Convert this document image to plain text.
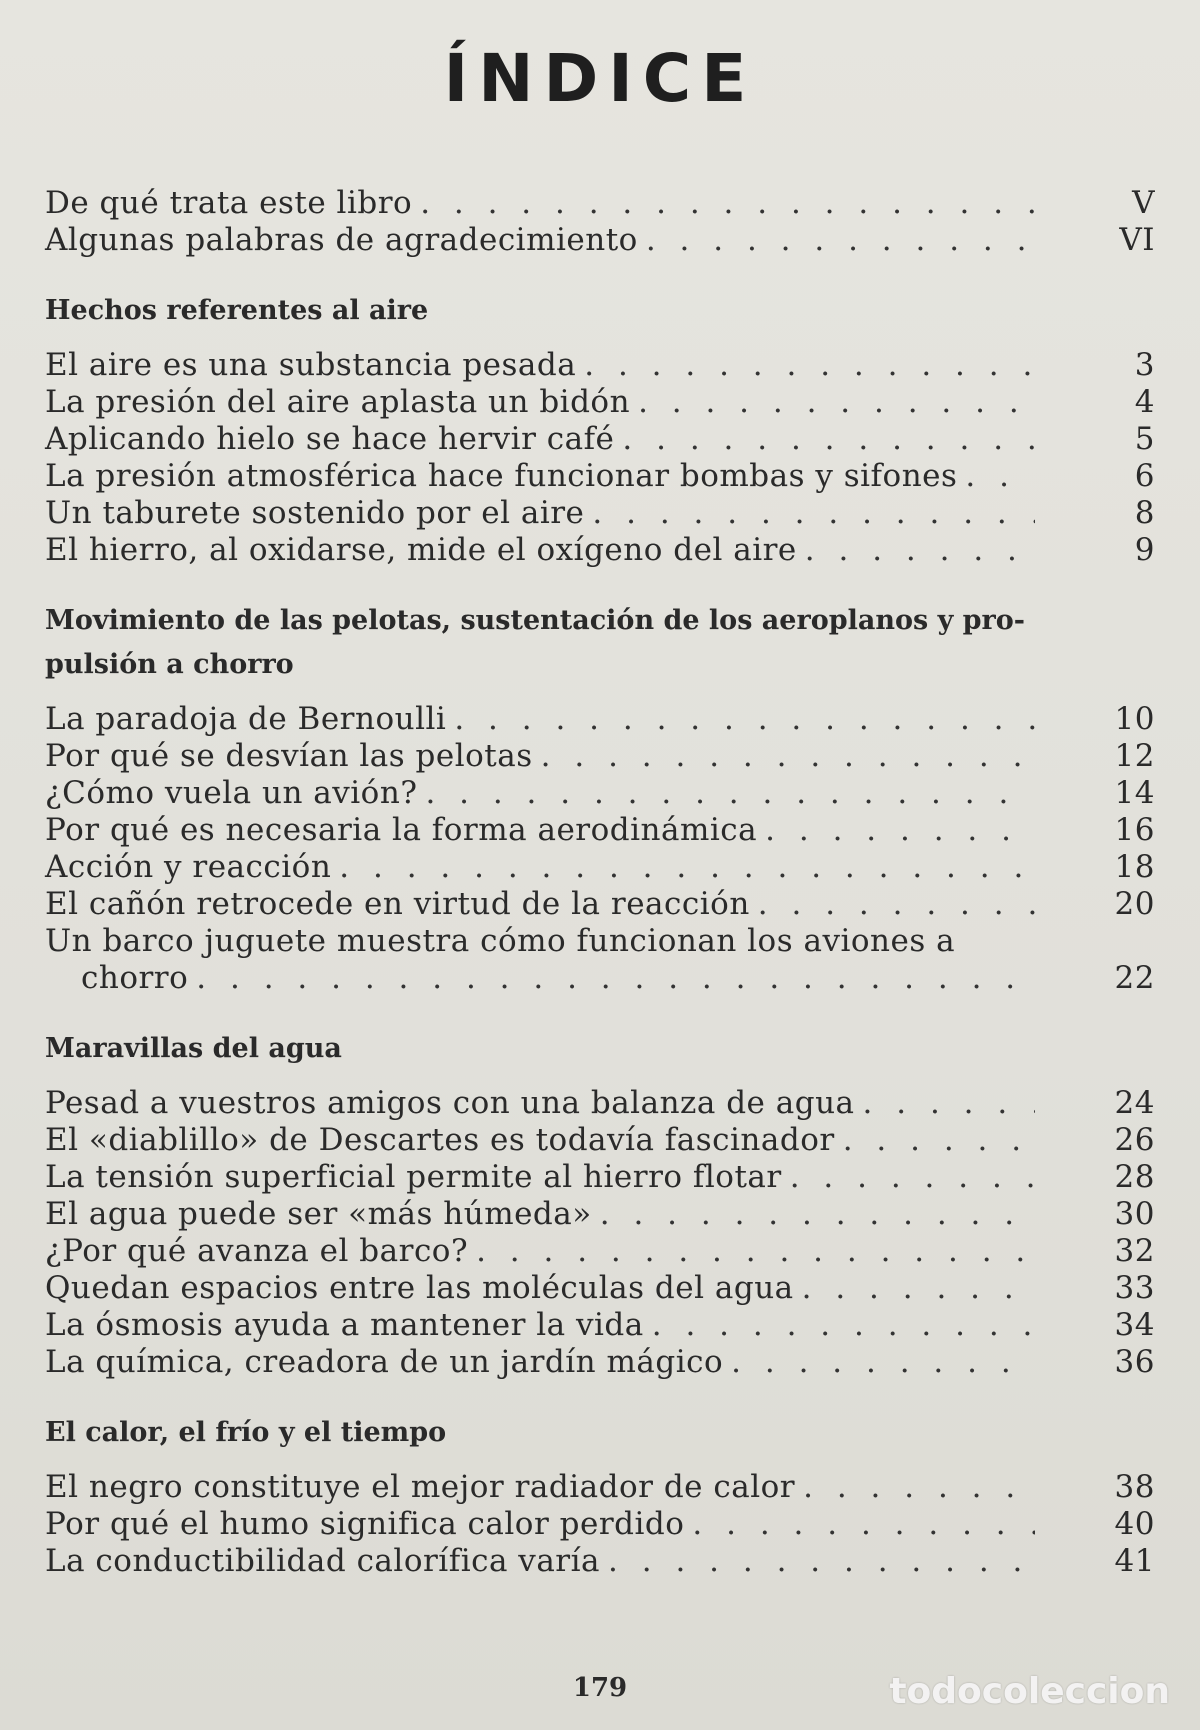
ÍNDICE
De qué trata este libro . . .	V
Algunas palabras de agradecimiento . . .	VI
Hechos referentes al aire
El aire es una substancia pesada . . .	3
La presión del aire aplasta un bidón . . .	4
Aplicando hielo se hace hervir café . . .	5
La presión atmosférica hace funcionar bombas y sifones . . .	6
Un taburete sostenido por el aire . . .	8
El hierro, al oxidarse, mide el oxígeno del aire . . .	9
Movimiento de las pelotas, sustentación de los aeroplanos y pro-
pulsión a chorro
La paradoja de Bernoulli . . .	10
Por qué se desvían las pelotas . . .	12
¿Cómo vuela un avión? . . .	14
Por qué es necesaria la forma aerodinámica . . .	16
Acción y reacción . . .	18
El cañón retrocede en virtud de la reacción . . .	20
Un barco juguete muestra cómo funcionan los aviones a
chorro . . .	22
Maravillas del agua
Pesad a vuestros amigos con una balanza de agua . . .	24
El «diablillo» de Descartes es todavía fascinador . . .	26
La tensión superficial permite al hierro flotar . . .	28
El agua puede ser «más húmeda» . . .	30
¿Por qué avanza el barco? . . .	32
Quedan espacios entre las moléculas del agua . . .	33
La ósmosis ayuda a mantener la vida . . .	34
La química, creadora de un jardín mágico . . .	36
El calor, el frío y el tiempo
El negro constituye el mejor radiador de calor . . .	38
Por qué el humo significa calor perdido . . .	40
La conductibilidad calorífica varía . . .	41
179	todocoleccion
